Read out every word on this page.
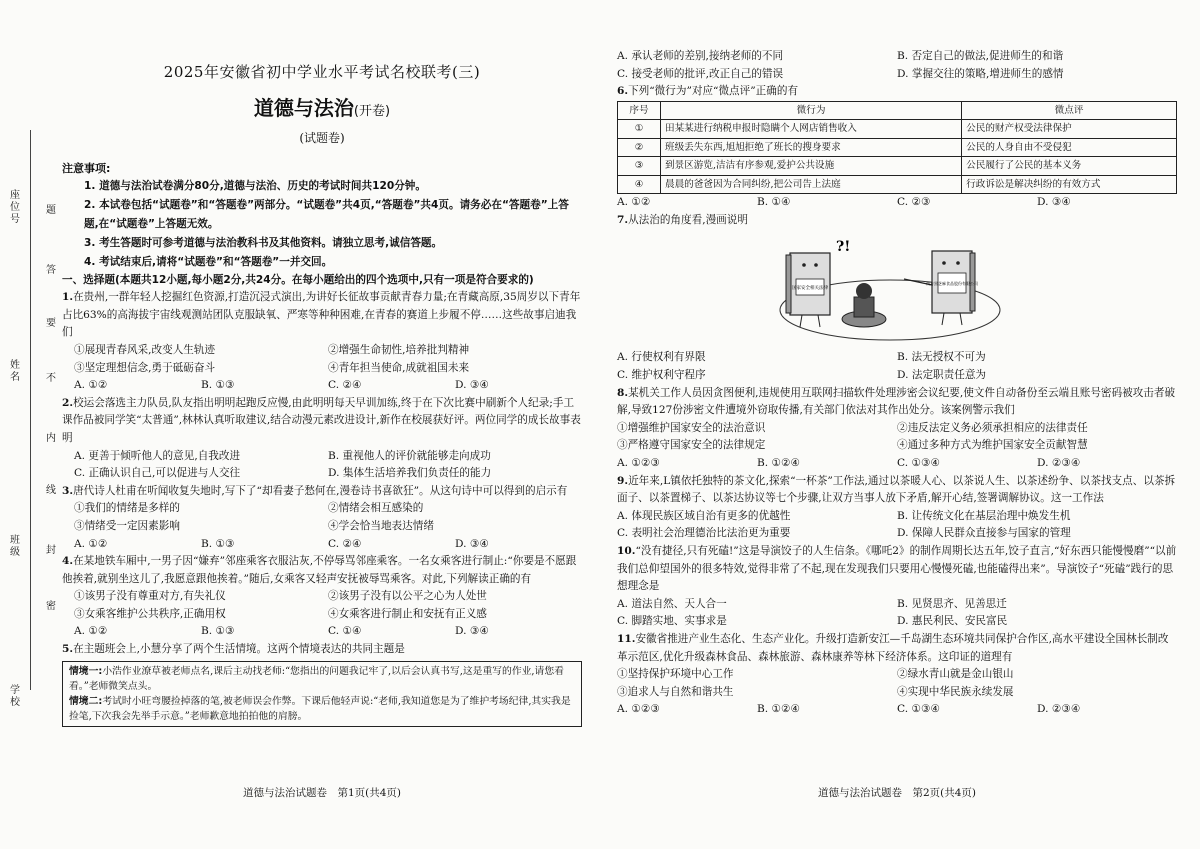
座位号
姓名
班级
学校
题
答
要
不
内
线
封
密
2025年安徽省初中学业水平考试名校联考(三)
道德与法治(开卷)
(试题卷)
注意事项:
1. 道德与法治试卷满分80分,道德与法治、历史的考试时间共120分钟。
2. 本试卷包括“试题卷”和“答题卷”两部分。“试题卷”共4页,“答题卷”共4页。请务必在“答题卷”上答题,在“试题卷”上答题无效。
3. 考生答题时可参考道德与法治教科书及其他资料。请独立思考,诚信答题。
4. 考试结束后,请将“试题卷”和“答题卷”一并交回。
一、选择题(本题共12小题,每小题2分,共24分。在每小题给出的四个选项中,只有一项是符合要求的)
1.在贵州,一群年轻人挖掘红色资源,打造沉浸式演出,为讲好长征故事贡献青春力量;在青藏高原,35周岁以下青年占比63%的高海拔宇宙线观测站团队克服缺氧、严寒等种种困难,在青春的赛道上步履不停……这些故事启迪我们
①展现青春风采,改变人生轨迹	②增强生命韧性,培养批判精神
③坚定理想信念,勇于砥砺奋斗	④青年担当使命,成就祖国未来
A. ①②	B. ①③	C. ②④	D. ③④
2.校运会落选主力队员,队友指出明明起跑反应慢,由此明明每天早训加练,终于在下次比赛中刷新个人纪录;手工课作品被同学笑“太普通”,林林认真听取建议,结合动漫元素改进设计,新作在校展获好评。两位同学的成长故事表明
A. 更善于倾听他人的意见,自我改进	B. 重视他人的评价就能够走向成功
C. 正确认识自己,可以促进与人交往	D. 集体生活培养我们负责任的能力
3.唐代诗人杜甫在听闻收复失地时,写下了“却看妻子愁何在,漫卷诗书喜欲狂”。从这句诗中可以得到的启示有
①我们的情绪是多样的	②情绪会相互感染的
③情绪受一定因素影响	④学会恰当地表达情绪
A. ①②	B. ①③	C. ②④	D. ③④
4.在某地铁车厢中,一男子因“嫌弃”邻座乘客衣服沾灰,不停辱骂邻座乘客。一名女乘客进行制止:“你要是不愿跟他挨着,就别坐这儿了,我愿意跟他挨着。”随后,女乘客又轻声安抚被辱骂乘客。对此,下列解读正确的有
①该男子没有尊重对方,有失礼仪	②该男子没有以公平之心为人处世
③女乘客维护公共秩序,正确用权	④女乘客进行制止和安抚有正义感
A. ①②	B. ①③	C. ①④	D. ③④
5.在主题班会上,小慧分享了两个生活情境。这两个情境表达的共同主题是
情境一:小浩作业潦草被老师点名,课后主动找老师:“您指出的问题我记牢了,以后会认真书写,这是重写的作业,请您看看。”老师微笑点头。
情境二:考试时小旺弯腰捡掉落的笔,被老师误会作弊。下课后他轻声说:“老师,我知道您是为了维护考场纪律,其实我是捡笔,下次我会先举手示意。”老师歉意地拍拍他的肩膀。
道德与法治试题卷　第1页(共4页)
A. 承认老师的差别,接纳老师的不同	B. 否定自己的做法,促进师生的和谐
C. 接受老师的批评,改正自己的错误	D. 掌握交往的策略,增进师生的感情
6.下列“微行为”对应“微点评”正确的有
序号	微行为	微点评
①	田某某进行纳税申报时隐瞒个人网店销售收入	公民的财产权受法律保护
②	班级丢失东西,旭旭拒绝了班长的搜身要求	公民的人身自由不受侵犯
③	到景区游览,洁洁有序参观,爱护公共设施	公民履行了公民的基本义务
④	晨晨的爸爸因为合同纠纷,把公司告上法庭	行政诉讼是解决纠纷的有效方式
A. ①②	B. ①④	C. ②③	D. ③④
7.从法治的角度看,漫画说明
国家安全相关法律
?!
南方黑芝麻食品股份有限公司
A. 行使权利有界限	B. 法无授权不可为
C. 维护权利守程序	D. 法定职责任意为
8.某机关工作人员因贪图便利,违规使用互联网扫描软件处理涉密会议纪要,使文件自动备份至云端且账号密码被攻击者破解,导致127份涉密文件遭境外窃取传播,有关部门依法对其作出处分。该案例警示我们
①增强维护国家安全的法治意识	②违反法定义务必须承担相应的法律责任
③严格遵守国家安全的法律规定	④通过多种方式为维护国家安全贡献智慧
A. ①②③	B. ①②④	C. ①③④	D. ②③④
9.近年来,L镇依托独特的茶文化,探索“一杯茶”工作法,通过以茶暖人心、以茶说人生、以茶述纷争、以茶找支点、以茶拆面子、以茶置梯子、以茶达协议等七个步骤,让双方当事人放下矛盾,解开心结,签署调解协议。这一工作法
A. 体现民族区域自治有更多的优越性	B. 让传统文化在基层治理中焕发生机
C. 表明社会治理德治比法治更为重要	D. 保障人民群众直接参与国家的管理
10.“没有捷径,只有死磕!”这是导演饺子的人生信条。《哪吒2》的制作周期长达五年,饺子直言,“好东西只能慢慢磨”“以前我们总仰望国外的很多特效,觉得非常了不起,现在发现我们只要用心慢慢死磕,也能磕得出来”。导演饺子“死磕”践行的思想理念是
A. 道法自然、天人合一	B. 见贤思齐、见善思迁
C. 脚踏实地、实事求是	D. 惠民利民、安民富民
11.安徽省推进产业生态化、生态产业化。升级打造新安江—千岛湖生态环境共同保护合作区,高水平建设全国林长制改革示范区,优化升级森林食品、森林旅游、森林康养等林下经济体系。这印证的道理有
①坚持保护环境中心工作	②绿水青山就是金山银山
③追求人与自然和谐共生	④实现中华民族永续发展
A. ①②③	B. ①②④	C. ①③④	D. ②③④
道德与法治试题卷　第2页(共4页)
